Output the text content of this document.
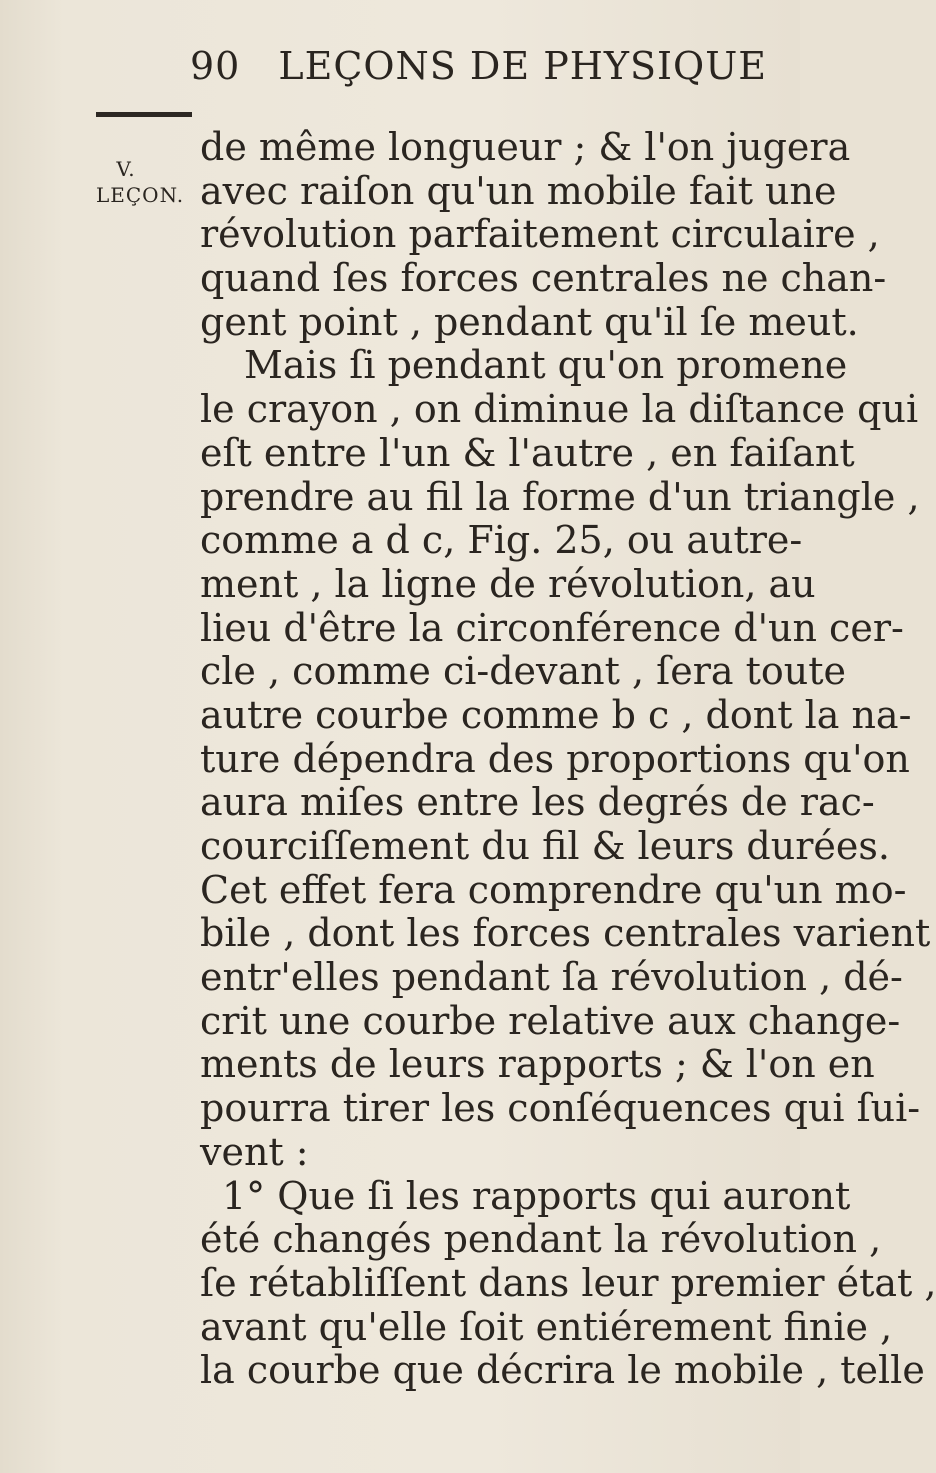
90 LEÇONS DE PHYSIQUE
V.
LEÇON.
de même longueur ; & l'on jugera
avec raiſon qu'un mobile fait une
révolution parfaitement circulaire ,
quand ſes forces centrales ne chan-
gent point , pendant qu'il ſe meut.
Mais ſi pendant qu'on promene
le crayon , on diminue la diſtance qui
eſt entre l'un & l'autre , en faiſant
prendre au fil la forme d'un triangle ,
comme a d c, Fig. 25, ou autre-
ment , la ligne de révolution, au
lieu d'être la circonférence d'un cer-
cle , comme ci-devant , ſera toute
autre courbe comme b c , dont la na-
ture dépendra des proportions qu'on
aura miſes entre les degrés de rac-
courciſſement du fil & leurs durées.
Cet effet fera comprendre qu'un mo-
bile , dont les forces centrales varient
entr'elles pendant ſa révolution , dé-
crit une courbe relative aux change-
ments de leurs rapports ; & l'on en
pourra tirer les conſéquences qui ſui-
vent :
1° Que ſi les rapports qui auront
été changés pendant la révolution ,
ſe rétabliſſent dans leur premier état ,
avant qu'elle ſoit entiérement finie ,
la courbe que décrira le mobile , telle
